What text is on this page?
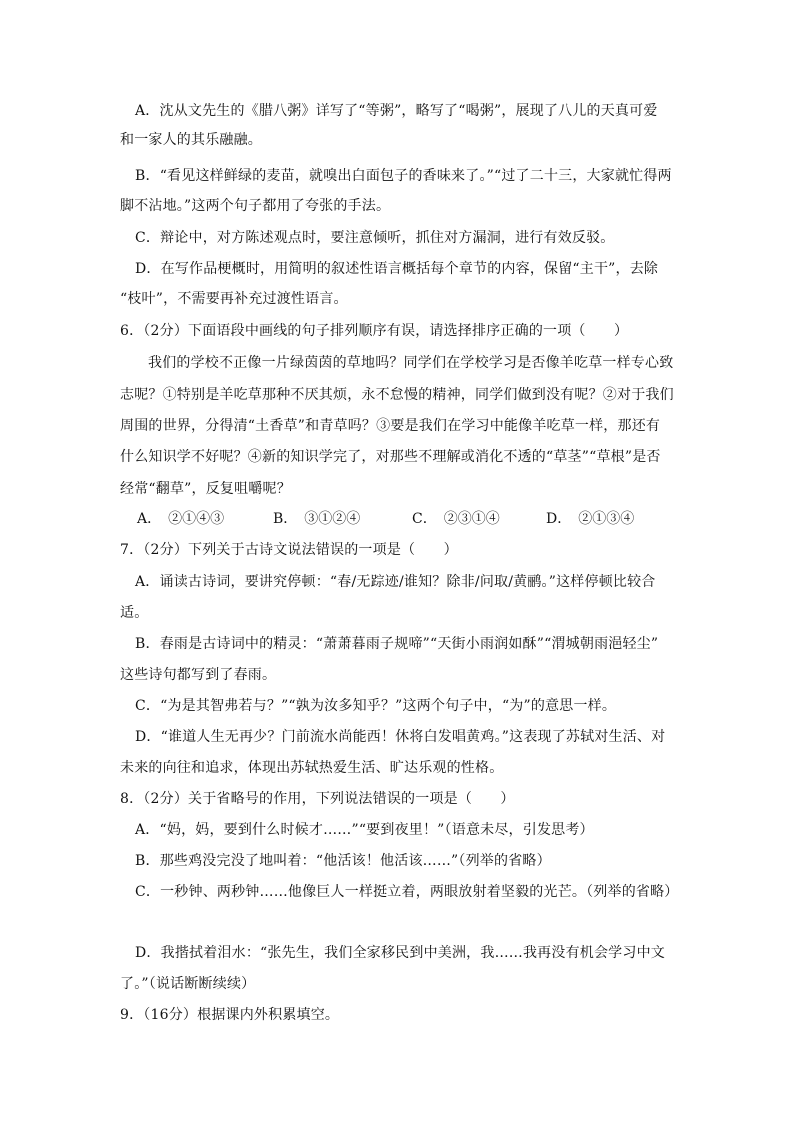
A．沈从文先生的《腊八粥》详写了“等粥”，略写了“喝粥”，展现了八儿的天真可爱
和一家人的其乐融融。
B．“看见这样鲜绿的麦苗，就嗅出白面包子的香味来了。”“过了二十三，大家就忙得两
脚不沾地。”这两个句子都用了夸张的手法。
C．辩论中，对方陈述观点时，要注意倾听，抓住对方漏洞，进行有效反驳。
D．在写作品梗概时，用简明的叙述性语言概括每个章节的内容，保留“主干”，去除
“枝叶”，不需要再补充过渡性语言。
6．（2分）下面语段中画线的句子排列顺序有误，请选择排序正确的一项（　　）
我们的学校不正像一片绿茵茵的草地吗？同学们在学校学习是否像羊吃草一样专心致
志呢？①特别是羊吃草那种不厌其烦，永不怠慢的精神，同学们做到没有呢？②对于我们
周围的世界，分得清“土香草”和青草吗？③要是我们在学习中能像羊吃草一样，那还有
什么知识学不好呢？④新的知识学完了，对那些不理解或消化不透的“草茎”“草根”是否
经常“翻草”，反复咀嚼呢？
A．　②①④③	B．　③①②④	C．　②③①④	D．　②①③④
7．（2分）下列关于古诗文说法错误的一项是（　　）
A．诵读古诗词，要讲究停顿：“春/无踪迹/谁知？除非/问取/黄鹂。”这样停顿比较合
适。
B．春雨是古诗词中的精灵：“萧萧暮雨子规啼”“天街小雨润如酥”“渭城朝雨浥轻尘”
这些诗句都写到了春雨。
C．“为是其智弗若与？”“孰为汝多知乎？”这两个句子中，“为”的意思一样。
D．“谁道人生无再少？门前流水尚能西！休将白发唱黄鸡。”这表现了苏轼对生活、对
未来的向往和追求，体现出苏轼热爱生活、旷达乐观的性格。
8．（2分）关于省略号的作用，下列说法错误的一项是（　　）
A．“妈，妈，要到什么时候才……”“要到夜里！”（语意未尽，引发思考）
B．那些鸡没完没了地叫着：“他活该！他活该……”（列举的省略）
C．一秒钟、两秒钟……他像巨人一样挺立着，两眼放射着坚毅的光芒。（列举的省略）
D．我揩拭着泪水：“张先生，我们全家移民到中美洲，我……我再没有机会学习中文
了。”（说话断断续续）
9．（16分）根据课内外积累填空。
